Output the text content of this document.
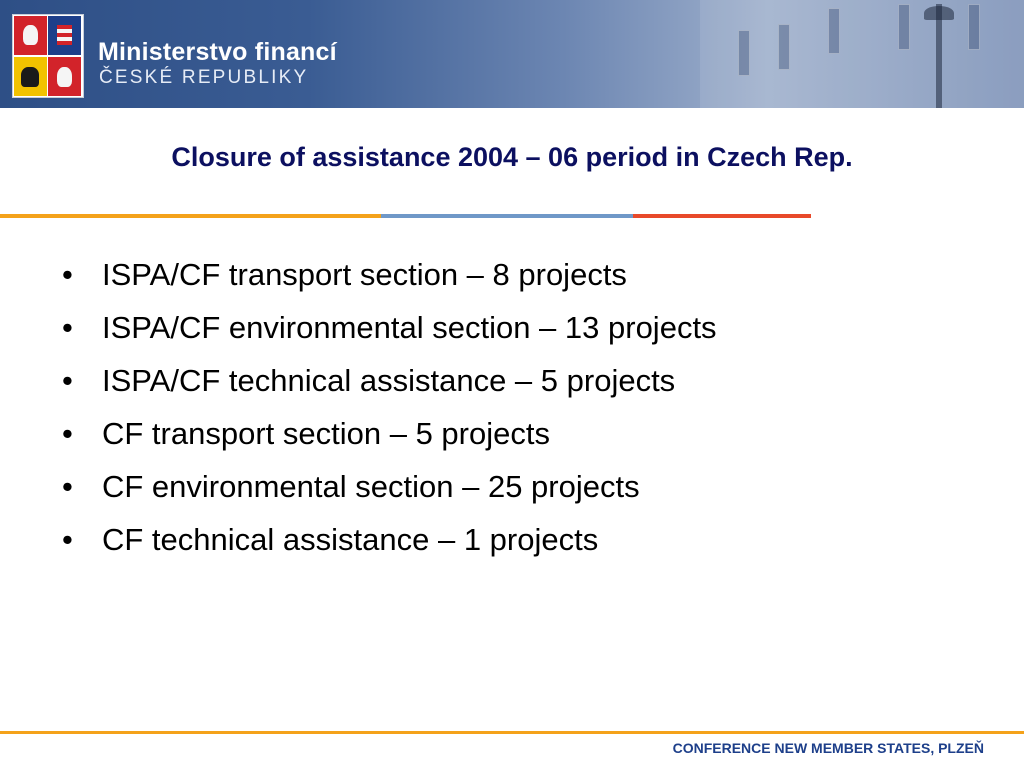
Ministerstvo financí
ČESKÉ REPUBLIKY
Closure of assistance 2004 – 06 period in Czech Rep.
• ISPA/CF transport section – 8 projects
• ISPA/CF environmental section – 13 projects
• ISPA/CF technical assistance – 5 projects
• CF transport section – 5 projects
• CF environmental section – 25 projects
• CF technical assistance – 1 projects
CONFERENCE NEW MEMBER STATES, PLZEŇ
